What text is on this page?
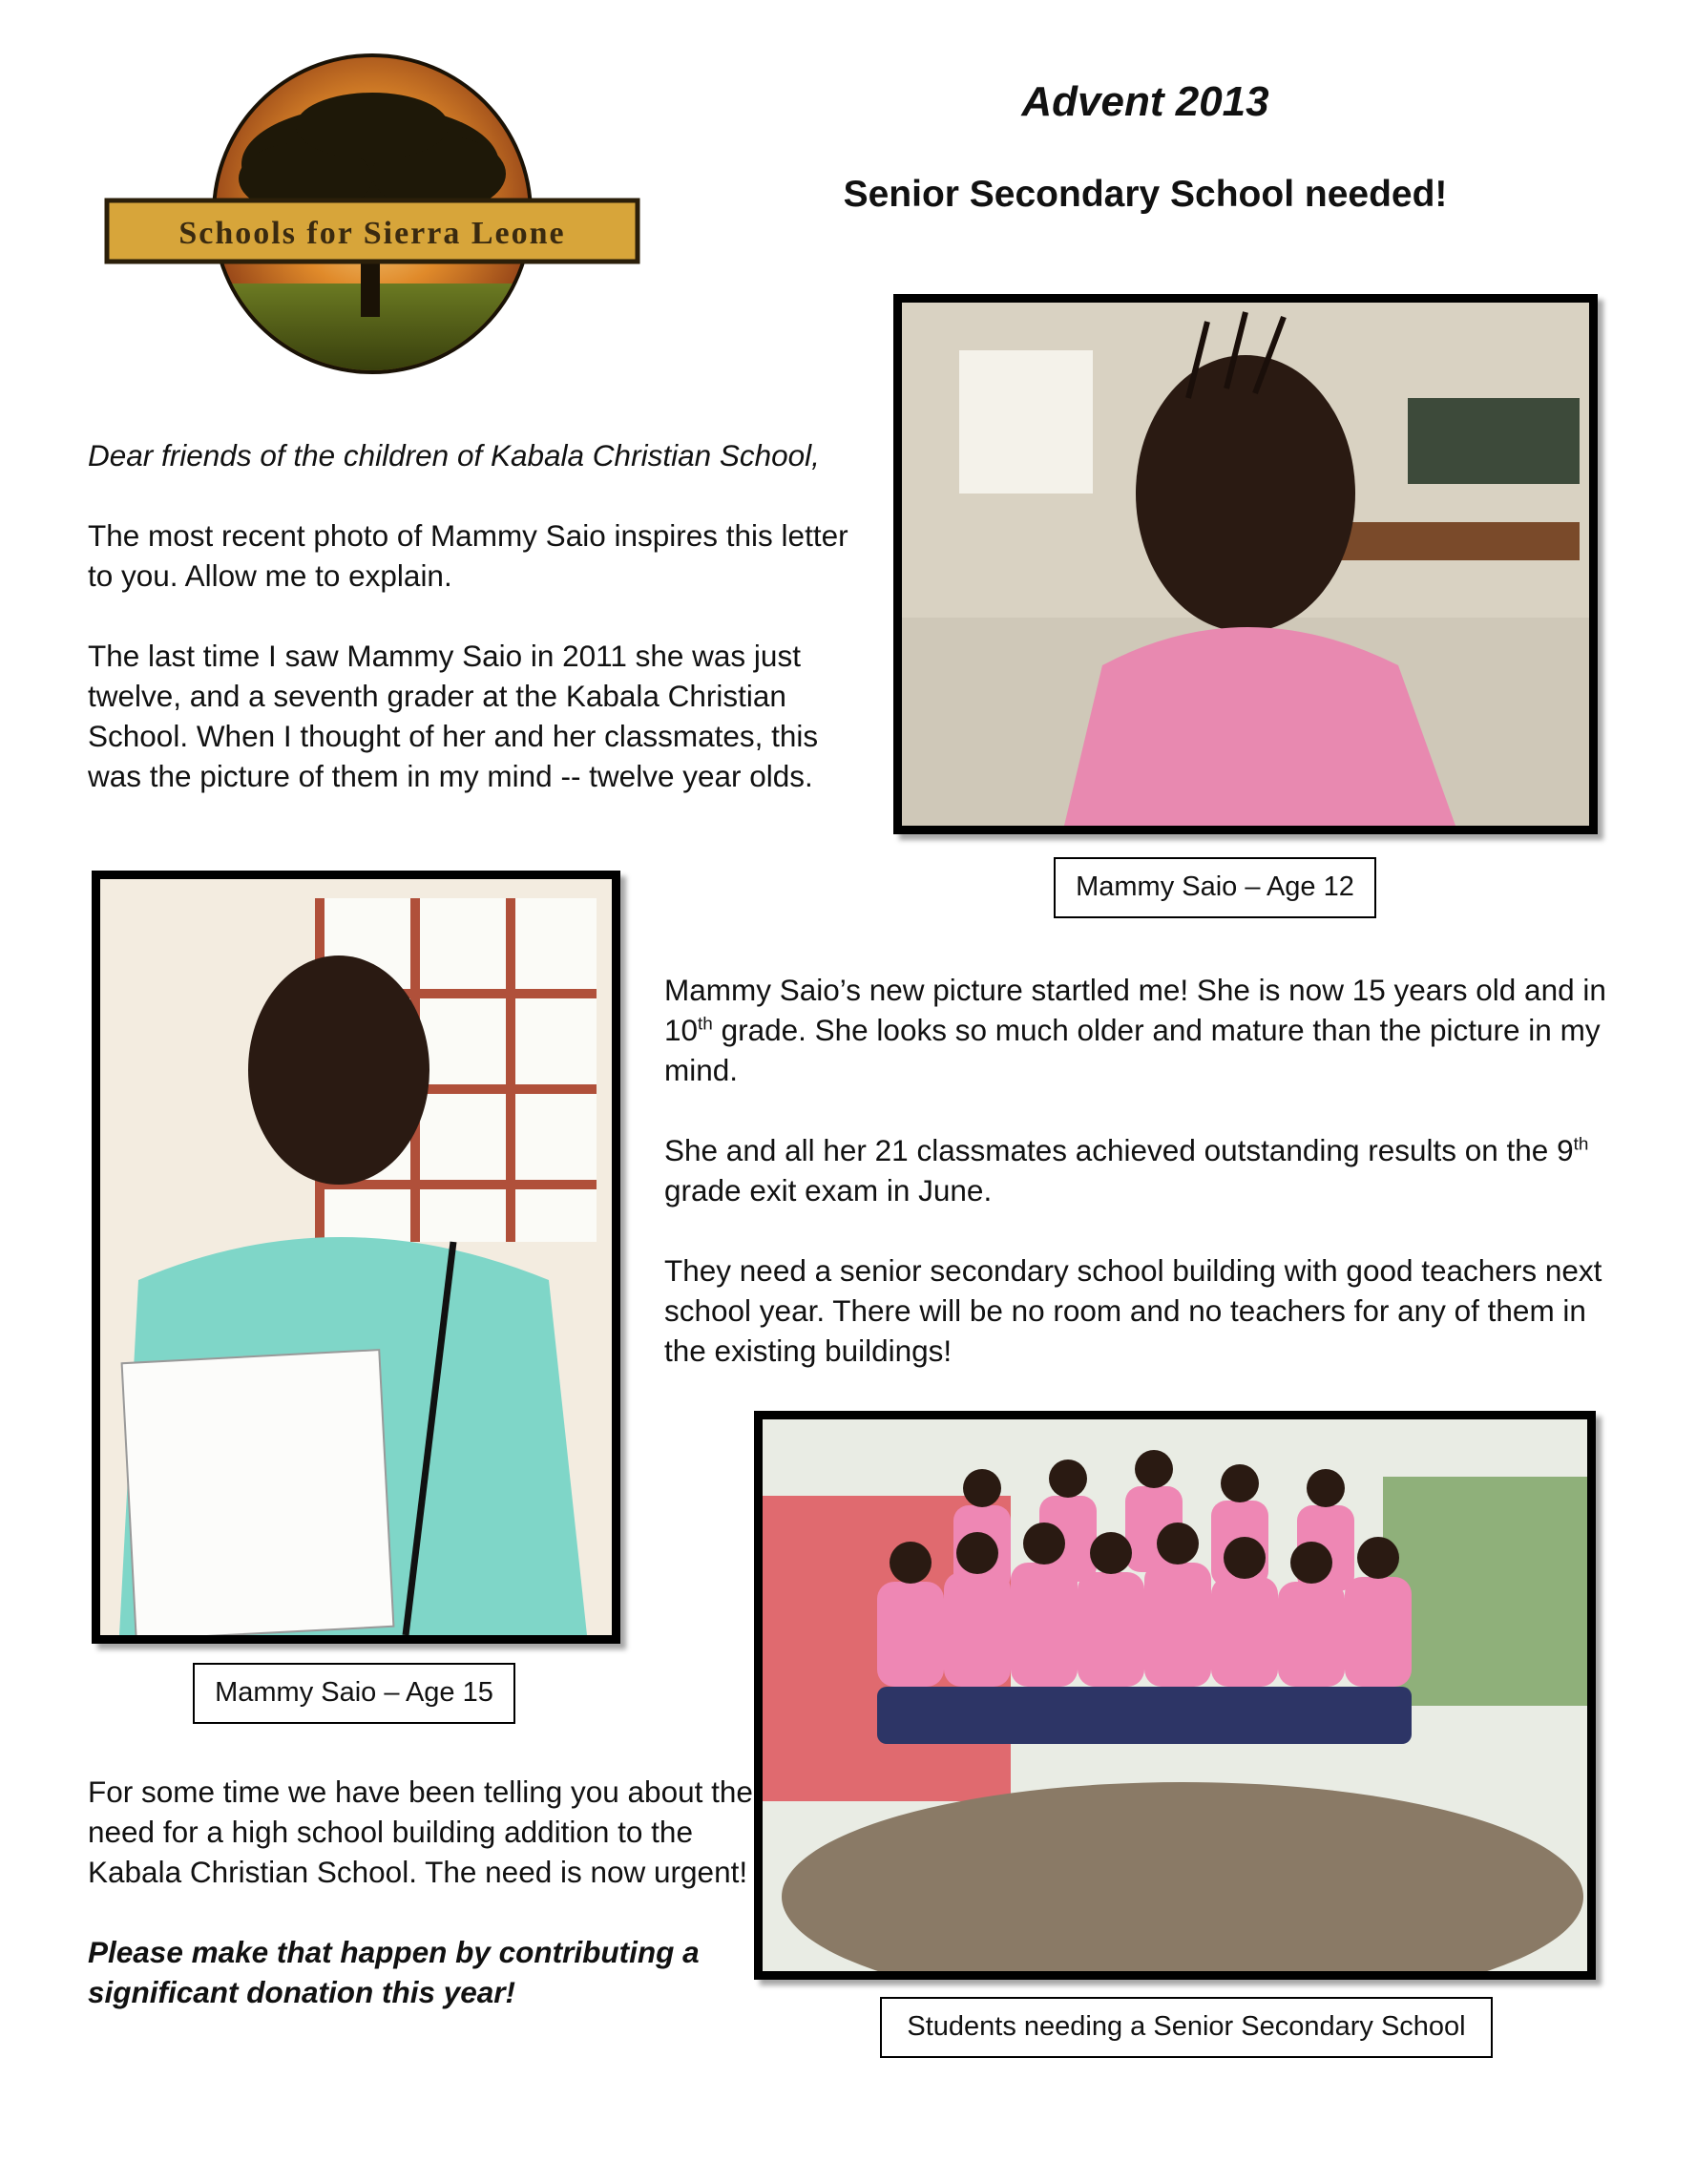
Schools for Sierra Leone
Advent 2013
Senior Secondary School needed!

Dear friends of the children of Kabala Christian School,

The most recent photo of Mammy Saio inspires this letter to you. Allow me to explain.

The last time I saw Mammy Saio in 2011 she was just twelve, and a seventh grader at the Kabala Christian School. When I thought of her and her classmates, this was the picture of them in my mind -- twelve year olds.

Mammy Saio – Age 12
Mammy Saio – Age 15

Mammy Saio’s new picture startled me! She is now 15 years old and in 10th grade. She looks so much older and mature than the picture in my mind.

She and all her 21 classmates achieved outstanding results on the 9th grade exit exam in June.

They need a senior secondary school building with good teachers next school year. There will be no room and no teachers for any of them in the existing buildings!

Students needing a Senior Secondary School

For some time we have been telling you about the need for a high school building addition to the Kabala Christian School. The need is now urgent!

Please make that happen by contributing a significant donation this year!
